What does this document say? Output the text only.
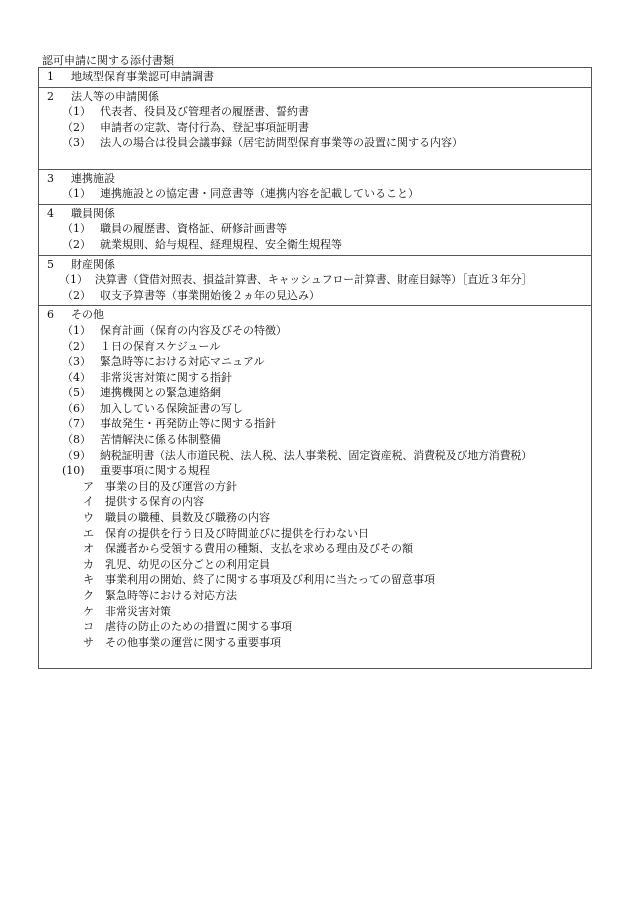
認可申請に関する添付書類
1 地域型保育事業認可申請調書
2 法人等の申請関係
（1） 代表者、役員及び管理者の履歴書、誓約書
（2） 申請者の定款、寄付行為、登記事項証明書
（3） 法人の場合は役員会議事録（居宅訪問型保育事業等の設置に関する内容）
3 連携施設
（1） 連携施設との協定書・同意書等（連携内容を記載していること）
4 職員関係
（1） 職員の履歴書、資格証、研修計画書等
（2） 就業規則、給与規程、経理規程、安全衛生規程等
5 財産関係
（1） 決算書（貸借対照表、損益計算書、キャッシュフロー計算書、財産目録等）［直近３年分］
（2） 収支予算書等（事業開始後２ヵ年の見込み）
6 その他
（1） 保育計画（保育の内容及びその特徴）
（2） １日の保育スケジュール
（3） 緊急時等における対応マニュアル
（4） 非常災害対策に関する指針
（5） 連携機関との緊急連絡網
（6） 加入している保険証書の写し
（7） 事故発生・再発防止等に関する指針
（8） 苦情解決に係る体制整備
（9） 納税証明書（法人市道民税、法人税、法人事業税、固定資産税、消費税及び地方消費税）
(10) 重要事項に関する規程
ア 事業の目的及び運営の方針
イ 提供する保育の内容
ウ 職員の職種、員数及び職務の内容
エ 保育の提供を行う日及び時間並びに提供を行わない日
オ 保護者から受領する費用の種類、支払を求める理由及びその額
カ 乳児、幼児の区分ごとの利用定員
キ 事業利用の開始、終了に関する事項及び利用に当たっての留意事項
ク 緊急時等における対応方法
ケ 非常災害対策
コ 虐待の防止のための措置に関する事項
サ その他事業の運営に関する重要事項
